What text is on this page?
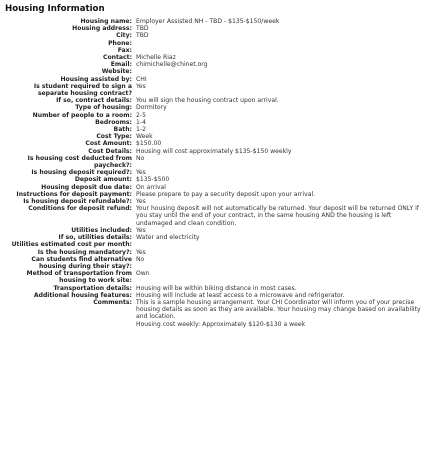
Housing Information
Housing name: Employer Assisted NH - TBD - $135-$150/week
Housing address: TBD
City: TBD
Phone:
Fax:
Contact: Michelle Riaz
Email: chimichelle@chinet.org
Website:
Housing assisted by: CHI
Is student required to sign a separate housing contract?
Yes
If so, contract details: You will sign the housing contract upon arrival.
Type of housing: Dormitory
Number of people to a room: 2-5
Bedrooms: 1-4
Bath: 1-2
Cost Type: Week
Cost Amount: $150.00
Cost Details: Housing will cost approximately $135-$150 weekly
Is housing cost deducted from paycheck?:
No
Is housing deposit required?: Yes
Deposit amount: $135-$500
Housing deposit due date: On arrival
Instructions for deposit payment: Please prepare to pay a security deposit upon your arrival.
Is housing deposit refundable?: Yes
Conditions for deposit refund: Your housing deposit will not automatically be returned. Your deposit will be returned ONLY if you stay until the end of your contract, in the same housing AND the housing is left undamaged and clean condition.
Utilities included: Yes
If so, utilities details: Water and electricity
Utilities estimated cost per month:
Is the housing mandatory?: Yes
Can students find alternative housing during their stay?:
No
Method of transportation from housing to work site:
Own
Transportation details: Housing will be within biking distance in most cases.
Additional housing features: Housing will include at least access to a microwave and refrigerator.
Comments: This is a sample housing arrangement. Your CHI Coordinator will inform you of your precise housing details as soon as they are available. Your housing may change based on availability and location.
Housing cost weekly: Approximately $120-$130 a week
